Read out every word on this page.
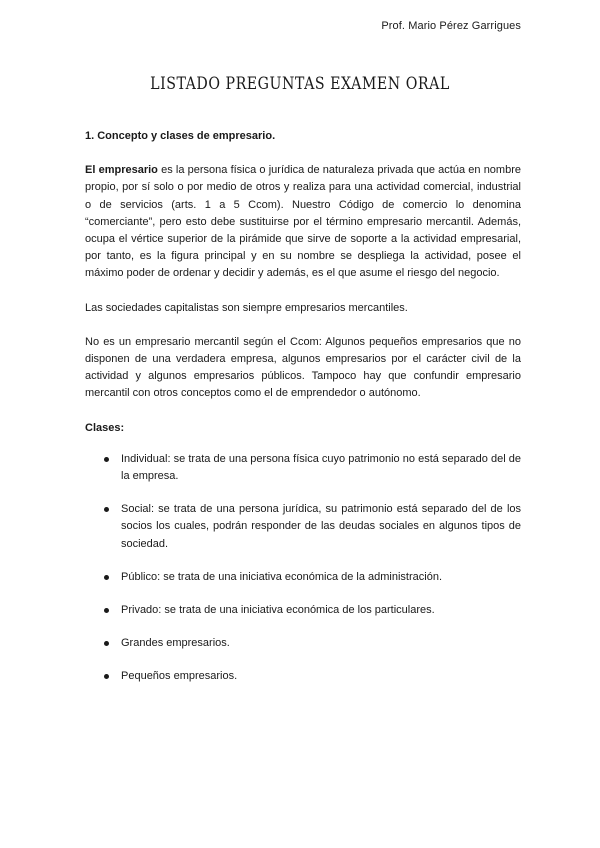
Prof. Mario Pérez Garrigues
LISTADO PREGUNTAS EXAMEN ORAL
1. Concepto y clases de empresario.

El empresario es la persona física o jurídica de naturaleza privada que actúa en nombre propio, por sí solo o por medio de otros y realiza para una actividad comercial, industrial o de servicios (arts. 1 a 5 Ccom). Nuestro Código de comercio lo denomina “comerciante”, pero esto debe sustituirse por el término empresario mercantil. Además, ocupa el vértice superior de la pirámide que sirve de soporte a la actividad empresarial, por tanto, es la figura principal y en su nombre se despliega la actividad, posee el máximo poder de ordenar y decidir y además, es el que asume el riesgo del negocio.

Las sociedades capitalistas son siempre empresarios mercantiles.

No es un empresario mercantil según el Ccom: Algunos pequeños empresarios que no disponen de una verdadera empresa, algunos empresarios por el carácter civil de la actividad y algunos empresarios públicos. Tampoco hay que confundir empresario mercantil con otros conceptos como el de emprendedor o autónomo.

Clases:
Individual: se trata de una persona física cuyo patrimonio no está separado del de la empresa.
Social: se trata de una persona jurídica, su patrimonio está separado del de los socios los cuales, podrán responder de las deudas sociales en algunos tipos de sociedad.
Público: se trata de una iniciativa económica de la administración.
Privado: se trata de una iniciativa económica de los particulares.
Grandes empresarios.
Pequeños empresarios.
